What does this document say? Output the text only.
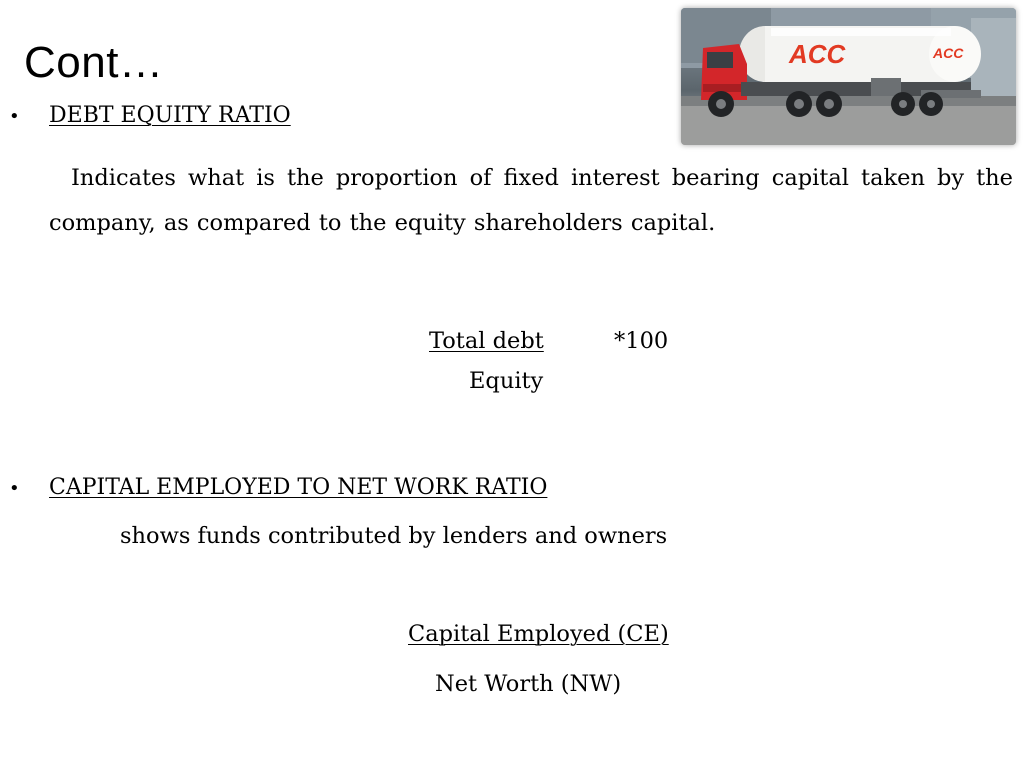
Cont…	ACC	ACC
• DEBT EQUITY RATIO
Indicates what is the proportion of fixed interest bearing capital taken by the company, as compared to the equity shareholders capital.
Total debt	*100
Equity
• CAPITAL EMPLOYED TO NET WORK RATIO
shows funds contributed by lenders and owners
Capital Employed (CE)
Net Worth (NW)
